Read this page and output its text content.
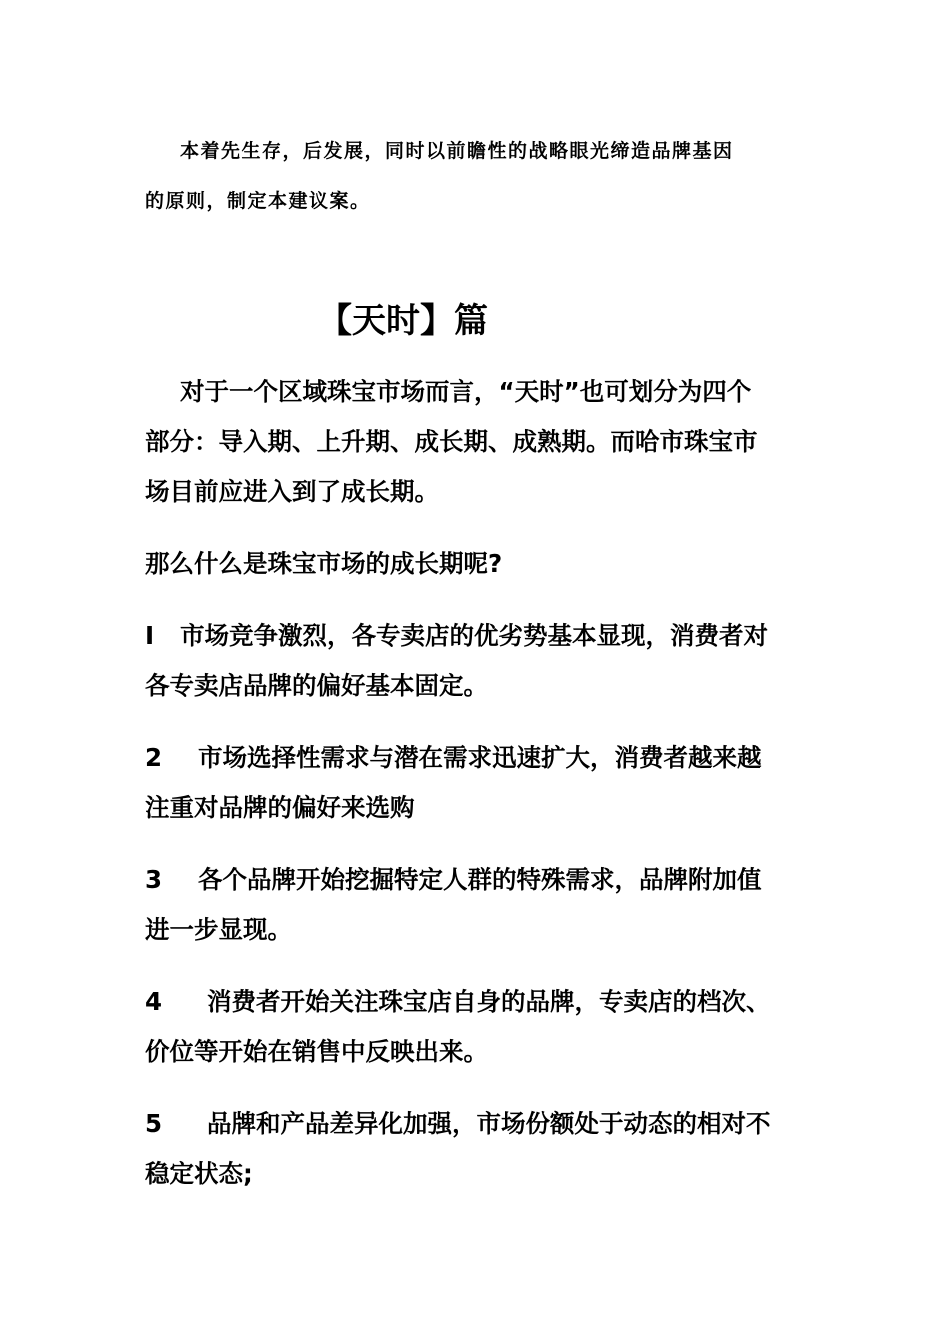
本着先生存，后发展，同时以前瞻性的战略眼光缔造品牌基因
的原则，制定本建议案。
【天时】篇
对于一个区域珠宝市场而言，“天时”也可划分为四个
部分：导入期、上升期、成长期、成熟期。而哈市珠宝市
场目前应进入到了成长期。
那么什么是珠宝市场的成长期呢?
I 市场竞争激烈，各专卖店的优劣势基本显现，消费者对
各专卖店品牌的偏好基本固定。
2 市场选择性需求与潜在需求迅速扩大，消费者越来越
注重对品牌的偏好来选购
3 各个品牌开始挖掘特定人群的特殊需求，品牌附加值
进一步显现。
4 消费者开始关注珠宝店自身的品牌，专卖店的档次、
价位等开始在销售中反映出来。
5 品牌和产品差异化加强，市场份额处于动态的相对不
稳定状态;
